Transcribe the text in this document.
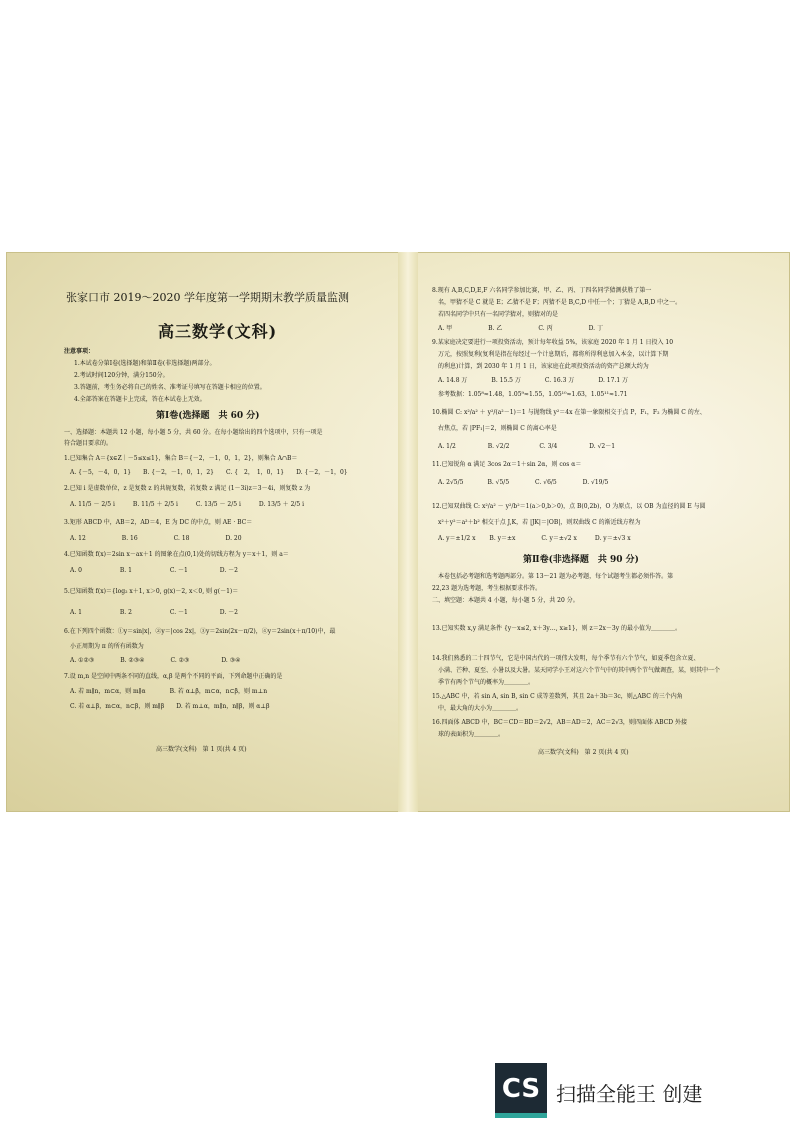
张家口市 2019～2020 学年度第一学期期末教学质量监测
高三数学(文科)
注意事项：
1.本试卷分第Ⅰ卷(选择题)和第Ⅱ卷(非选择题)两部分。
2.考试时间120分钟，满分150分。
3.答题前，考生务必将自己的姓名、准考证号填写在答题卡相应的位置。
4.全部答案在答题卡上完成，答在本试卷上无效。
第Ⅰ卷(选择题　共 60 分)
一、选择题：本题共 12 小题，每小题 5 分，共 60 分。在每小题给出的四个选项中，只有一项是
符合题目要求的。
1.已知集合 A＝{x∈Z｜－5≤x≤1}，集合 B＝{－2，－1，0，1，2}，则集合 A∩B＝
A. {－5，－4，0，1}　　B. {－2，－1，0，1，2}　　C. {　2，　1，0，1}　　D. {－2，－1，0}
2.已知 i 是虚数单位，z 是复数 z 的共轭复数，若复数 z 满足 (1－3i)z＝3－4i，则复数 z 为
A. 11/5 － 2/5 i　　　B. 11/5 ＋ 2/5 i　　　C. 13/5 － 2/5 i　　　D. 13/5 ＋ 2/5 i
3.矩形 ABCD 中，AB＝2，AD＝4，E 为 DC 的中点，则 AE · BC＝
A. 12　　　　　　B. 16　　　　　　C. 18　　　　　　D. 20
4.已知函数 f(x)＝2sin x－ax＋1 的图象在点(0,1)处的切线方程为 y＝x＋1，则 a＝
A. 0　　　　　　 B. 1　　　　　　 C. －1　　　　　 D. －2
5.已知函数 f(x)＝{log₂ x＋1, x＞0, g(x)－2, x＜0, 则 g(－1)＝
A. 1　　　　　　 B. 2　　　　　　 C. －1　　　　　 D. －2
6.在下列四个函数：①y＝sin|x|，②y＝|cos 2x|，③y＝2sin(2x－π/2)，④y＝2sin(x＋π/10)中，最
小正周期为 π 的所有函数为
A. ①②③　　　　 B. ②③④　　　　 C. ②③　　　　　 D. ③④
7.设 m,n 是空间中两条不同的直线，α,β 是两个不同的平面，下列命题中正确的是
A. 若 m∥n，m⊂α，则 m∥α　　　　B. 若 α⊥β，m⊂α，n⊂β，则 m⊥n
C. 若 α⊥β，m⊂α，n⊂β，则 m∥β　　D. 若 m⊥α，m∥n，n∥β，则 α⊥β
高三数学(文科)　第 1 页(共 4 页)
8.现有 A,B,C,D,E,F 六名同学参加比赛，甲、乙、丙、丁四名同学猜测获胜了第一
名，甲猜不是 C 就是 E；乙猜不是 F；丙猜不是 B,C,D 中任一个；丁猜是 A,B,D 中之一。
若四名同学中只有一名同学猜对，则猜对的是
A. 甲　　　　　　B. 乙　　　　　　C. 丙　　　　　　D. 丁
9.某家庭决定要进行一项投资活动，预计每年收益 5%，该家庭 2020 年 1 月 1 日投入 10
万元，按照复利(复利是指在每经过一个计息期后，都将所得利息加入本金，以计算下期
的利息)计算，到 2030 年 1 月 1 日，该家庭在此项投资活动的资产总额大约为
A. 14.8 万　　　　B. 15.5 万　　　　C. 16.3 万　　　　D. 17.1 万
参考数据：1.05⁸≈1.48，1.05⁹≈1.55，1.05¹⁰≈1.63，1.05¹¹≈1.71
10.椭圆 C: x²/a² ＋ y²/(a²－1)＝1 与抛物线 y²＝4x 在第一象限相交于点 P，F₁，F₂ 为椭圆 C 的左、
右焦点，若 |PF₁|＝2，则椭圆 C 的离心率是
A. 1/2　　　　　 B. √2/2　　　　　C. 3/4　　　　　 D. √2－1
11.已知锐角 α 满足 3cos 2α＝1＋sin 2α，则 cos α＝
A. 2√5/5　　　　B. √5/5　　　　 C. √6/5　　　　 D. √19/5
12.已知双曲线 C: x²/a² － y²/b²＝1(a＞0,b＞0)，点 B(0,2b)，O 为原点，以 OB 为直径的圆 E 与圆
x²＋y²＝a²＋b² 相交于点 J,K，若 |JK|＝|OB|，则双曲线 C 的渐近线方程为
A. y＝±1/2 x　　 B. y＝±x　　　　 C. y＝±√2 x　　　D. y＝±√3 x
第Ⅱ卷(非选择题　共 90 分)
本卷包括必考题和选考题两部分。第 13～21 题为必考题，每个试题考生都必须作答。第
22,23 题为选考题，考生根据要求作答。
二、填空题：本题共 4 小题，每小题 5 分，共 20 分。
13.已知实数 x,y 满足条件 {y－x≤2, x＋3y…, x≥1}，则 z＝2x－3y 的最小值为＿＿＿＿。
14.我们熟悉的二十四节气，它是中国古代的一项伟大发明，每个季节有六个节气，如夏季包含立夏、
小满、芒种、夏至、小暑以及大暑。某天同学小王对这六个节气中的其中两个节气做调查，某，则其中一个
季节有两个节气的概率为＿＿＿＿。
15.△ABC 中，若 sin A, sin B, sin C 成等差数列，其且 2a＋3b＝3c，则△ABC 的三个内角
中，最大角的大小为＿＿＿＿。
16.四面体 ABCD 中，BC＝CD＝BD＝2√2，AB＝AD＝2，AC＝2√3，则四面体 ABCD 外接
球的表面积为＿＿＿＿。
高三数学(文科)　第 2 页(共 4 页)
CS 扫描全能王 创建
